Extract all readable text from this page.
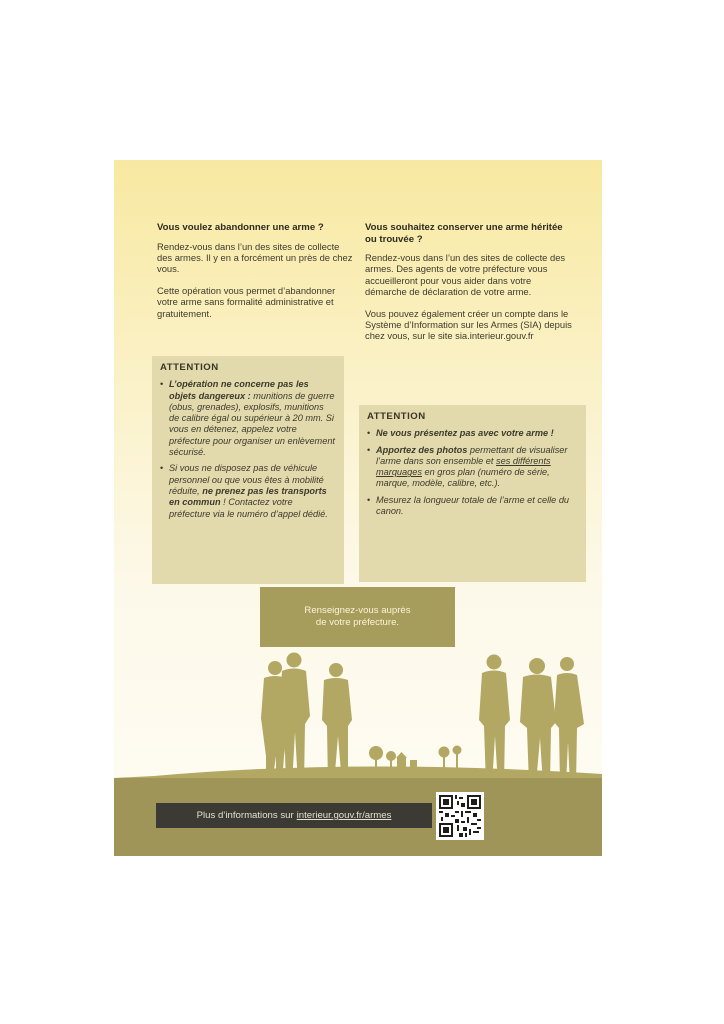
Vous voulez abandonner une arme ?

Rendez-vous dans l’un des sites de collecte des armes. Il y en a forcément un près de chez vous.

Cette opération vous permet d’abandonner votre arme sans formalité administrative et gratuitement.

ATTENTION
• L’opération ne concerne pas les objets dangereux : munitions de guerre (obus, grenades), explosifs, munitions de calibre égal ou supérieur à 20 mm. Si vous en détenez, appelez votre préfecture pour organiser un enlèvement sécurisé.
• Si vous ne disposez pas de véhicule personnel ou que vous êtes à mobilité réduite, ne prenez pas les transports en commun ! Contactez votre préfecture via le numéro d’appel dédié.
Vous souhaitez conserver une arme héritée ou trouvée ?

Rendez-vous dans l’un des sites de collecte des armes. Des agents de votre préfecture vous accueilleront pour vous aider dans votre démarche de déclaration de votre arme.

Vous pouvez également créer un compte dans le Système d’Information sur les Armes (SIA) depuis chez vous, sur le site sia.interieur.gouv.fr

ATTENTION
• Ne vous présentez pas avec votre arme !
• Apportez des photos permettant de visualiser l’arme dans son ensemble et ses différents marquages en gros plan (numéro de série, marque, modèle, calibre, etc.).
• Mesurez la longueur totale de l’arme et celle du canon.
Renseignez-vous auprès
de votre préfecture.
Plus d’informations sur interieur.gouv.fr/armes
